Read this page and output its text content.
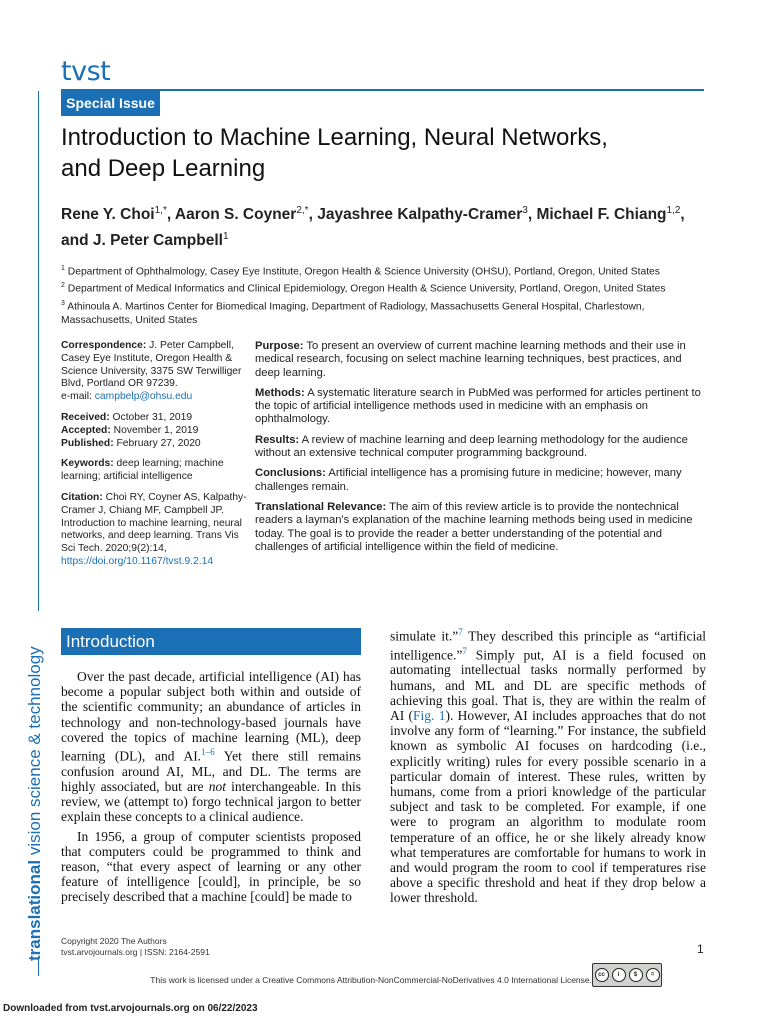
tvst
Special Issue
Introduction to Machine Learning, Neural Networks,
and Deep Learning
Rene Y. Choi$^{1,*}$, Aaron S. Coyner$^{2,*}$, Jayashree Kalpathy-Cramer$^3$, Michael F. Chiang$^{1,2}$,
and J. Peter Campbell$^1$
$^1$ Department of Ophthalmology, Casey Eye Institute, Oregon Health & Science University (OHSU), Portland, Oregon, United States
$^2$ Department of Medical Informatics and Clinical Epidemiology, Oregon Health & Science University, Portland, Oregon, United States
$^3$ Athinoula A. Martinos Center for Biomedical Imaging, Department of Radiology, Massachusetts General Hospital, Charlestown, Massachusetts, United States

Correspondence: J. Peter Campbell, Casey Eye Institute, Oregon Health & Science University, 3375 SW Terwilliger Blvd, Portland OR 97239.
e-mail: campbelp@ohsu.edu

Received: October 31, 2019
Accepted: November 1, 2019
Published: February 27, 2020

Keywords: deep learning; machine learning; artificial intelligence

Citation: Choi RY, Coyner AS, Kalpathy-Cramer J, Chiang MF, Campbell JP. Introduction to machine learning, neural networks, and deep learning. Trans Vis Sci Tech. 2020;9(2):14,
https://doi.org/10.1167/tvst.9.2.14

Purpose: To present an overview of current machine learning methods and their use in medical research, focusing on select machine learning techniques, best practices, and deep learning.

Methods: A systematic literature search in PubMed was performed for articles pertinent to the topic of artificial intelligence methods used in medicine with an emphasis on ophthalmology.

Results: A review of machine learning and deep learning methodology for the audience without an extensive technical computer programming background.

Conclusions: Artificial intelligence has a promising future in medicine; however, many challenges remain.

Translational Relevance: The aim of this review article is to provide the nontechnical readers a layman's explanation of the machine learning methods being used in medicine today. The goal is to provide the reader a better understanding of the potential and challenges of artificial intelligence within the field of medicine.

Introduction

Over the past decade, artificial intelligence (AI) has become a popular subject both within and outside of the scientific community; an abundance of articles in technology and non-technology-based journals have covered the topics of machine learning (ML), deep learning (DL), and AI.$^{1-6}$ Yet there still remains confusion around AI, ML, and DL. The terms are highly associated, but are not interchangeable. In this review, we (attempt to) forgo technical jargon to better explain these concepts to a clinical audience.

In 1956, a group of computer scientists proposed that computers could be programmed to think and reason, “that every aspect of learning or any other feature of intelligence [could], in principle, be so precisely described that a machine [could] be made to

simulate it.”$^7$ They described this principle as “artificial intelligence.”$^7$ Simply put, AI is a field focused on automating intellectual tasks normally performed by humans, and ML and DL are specific methods of achieving this goal. That is, they are within the realm of AI (Fig. 1). However, AI includes approaches that do not involve any form of “learning.” For instance, the subfield known as symbolic AI focuses on hardcoding (i.e., explicitly writing) rules for every possible scenario in a particular domain of interest. These rules, written by humans, come from a priori knowledge of the particular subject and task to be completed. For example, if one were to program an algorithm to modulate room temperature of an office, he or she likely already know what temperatures are comfortable for humans to work in and would program the room to cool if temperatures rise above a specific threshold and heat if they drop below a lower threshold.

translational vision science & technology
Copyright 2020 The Authors
tvst.arvojournals.org | ISSN: 2164-2591	1
This work is licensed under a Creative Commons Attribution-NonCommercial-NoDerivatives 4.0 International License.	cc	i	$	=
Downloaded from tvst.arvojournals.org on 06/22/2023
